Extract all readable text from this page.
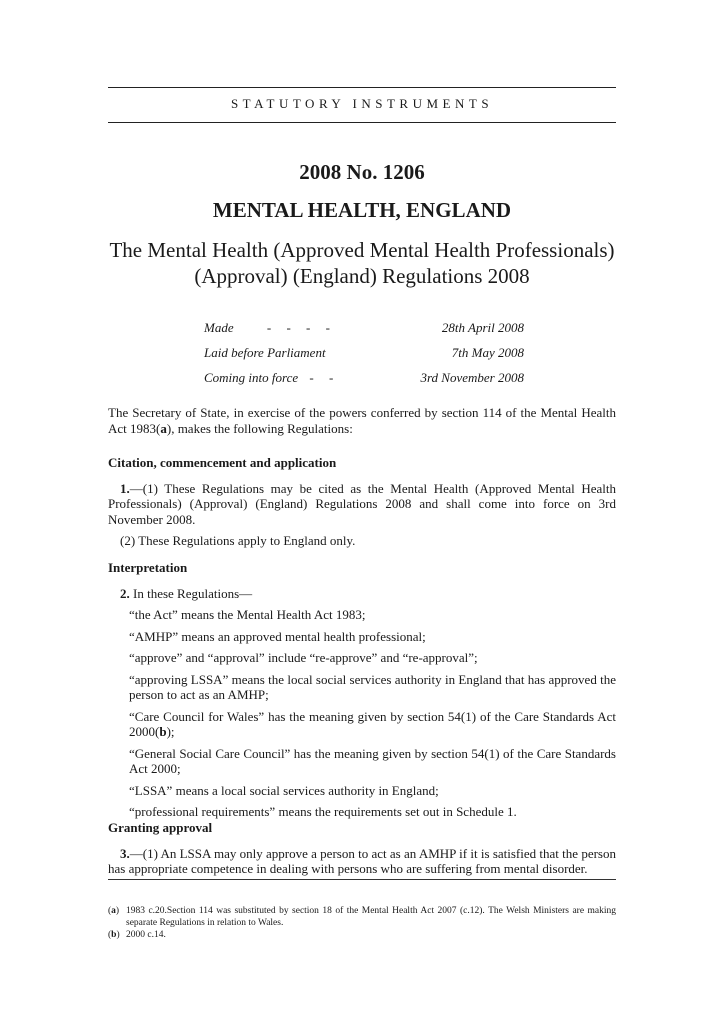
STATUTORY INSTRUMENTS
2008 No. 1206
MENTAL HEALTH, ENGLAND
The Mental Health (Approved Mental Health Professionals)
(Approval) (England) Regulations 2008
Made	- - - -	28th April 2008
Laid before Parliament	7th May 2008
Coming into force - -	3rd November 2008

The Secretary of State, in exercise of the powers conferred by section 114 of the Mental Health Act 1983(a), makes the following Regulations:

Citation, commencement and application

1.—(1) These Regulations may be cited as the Mental Health (Approved Mental Health Professionals) (Approval) (England) Regulations 2008 and shall come into force on 3rd November 2008.

(2) These Regulations apply to England only.

Interpretation

2. In these Regulations—

“the Act” means the Mental Health Act 1983;

“AMHP” means an approved mental health professional;

“approve” and “approval” include “re-approve” and “re-approval”;

“approving LSSA” means the local social services authority in England that has approved the person to act as an AMHP;

“Care Council for Wales” has the meaning given by section 54(1) of the Care Standards Act 2000(b);

“General Social Care Council” has the meaning given by section 54(1) of the Care Standards Act 2000;

“LSSA” means a local social services authority in England;

“professional requirements” means the requirements set out in Schedule 1.

Granting approval

3.—(1) An LSSA may only approve a person to act as an AMHP if it is satisfied that the person has appropriate competence in dealing with persons who are suffering from mental disorder.

(a) 1983 c.20.Section 114 was substituted by section 18 of the Mental Health Act 2007 (c.12). The Welsh Ministers are making separate Regulations in relation to Wales.
(b) 2000 c.14.
